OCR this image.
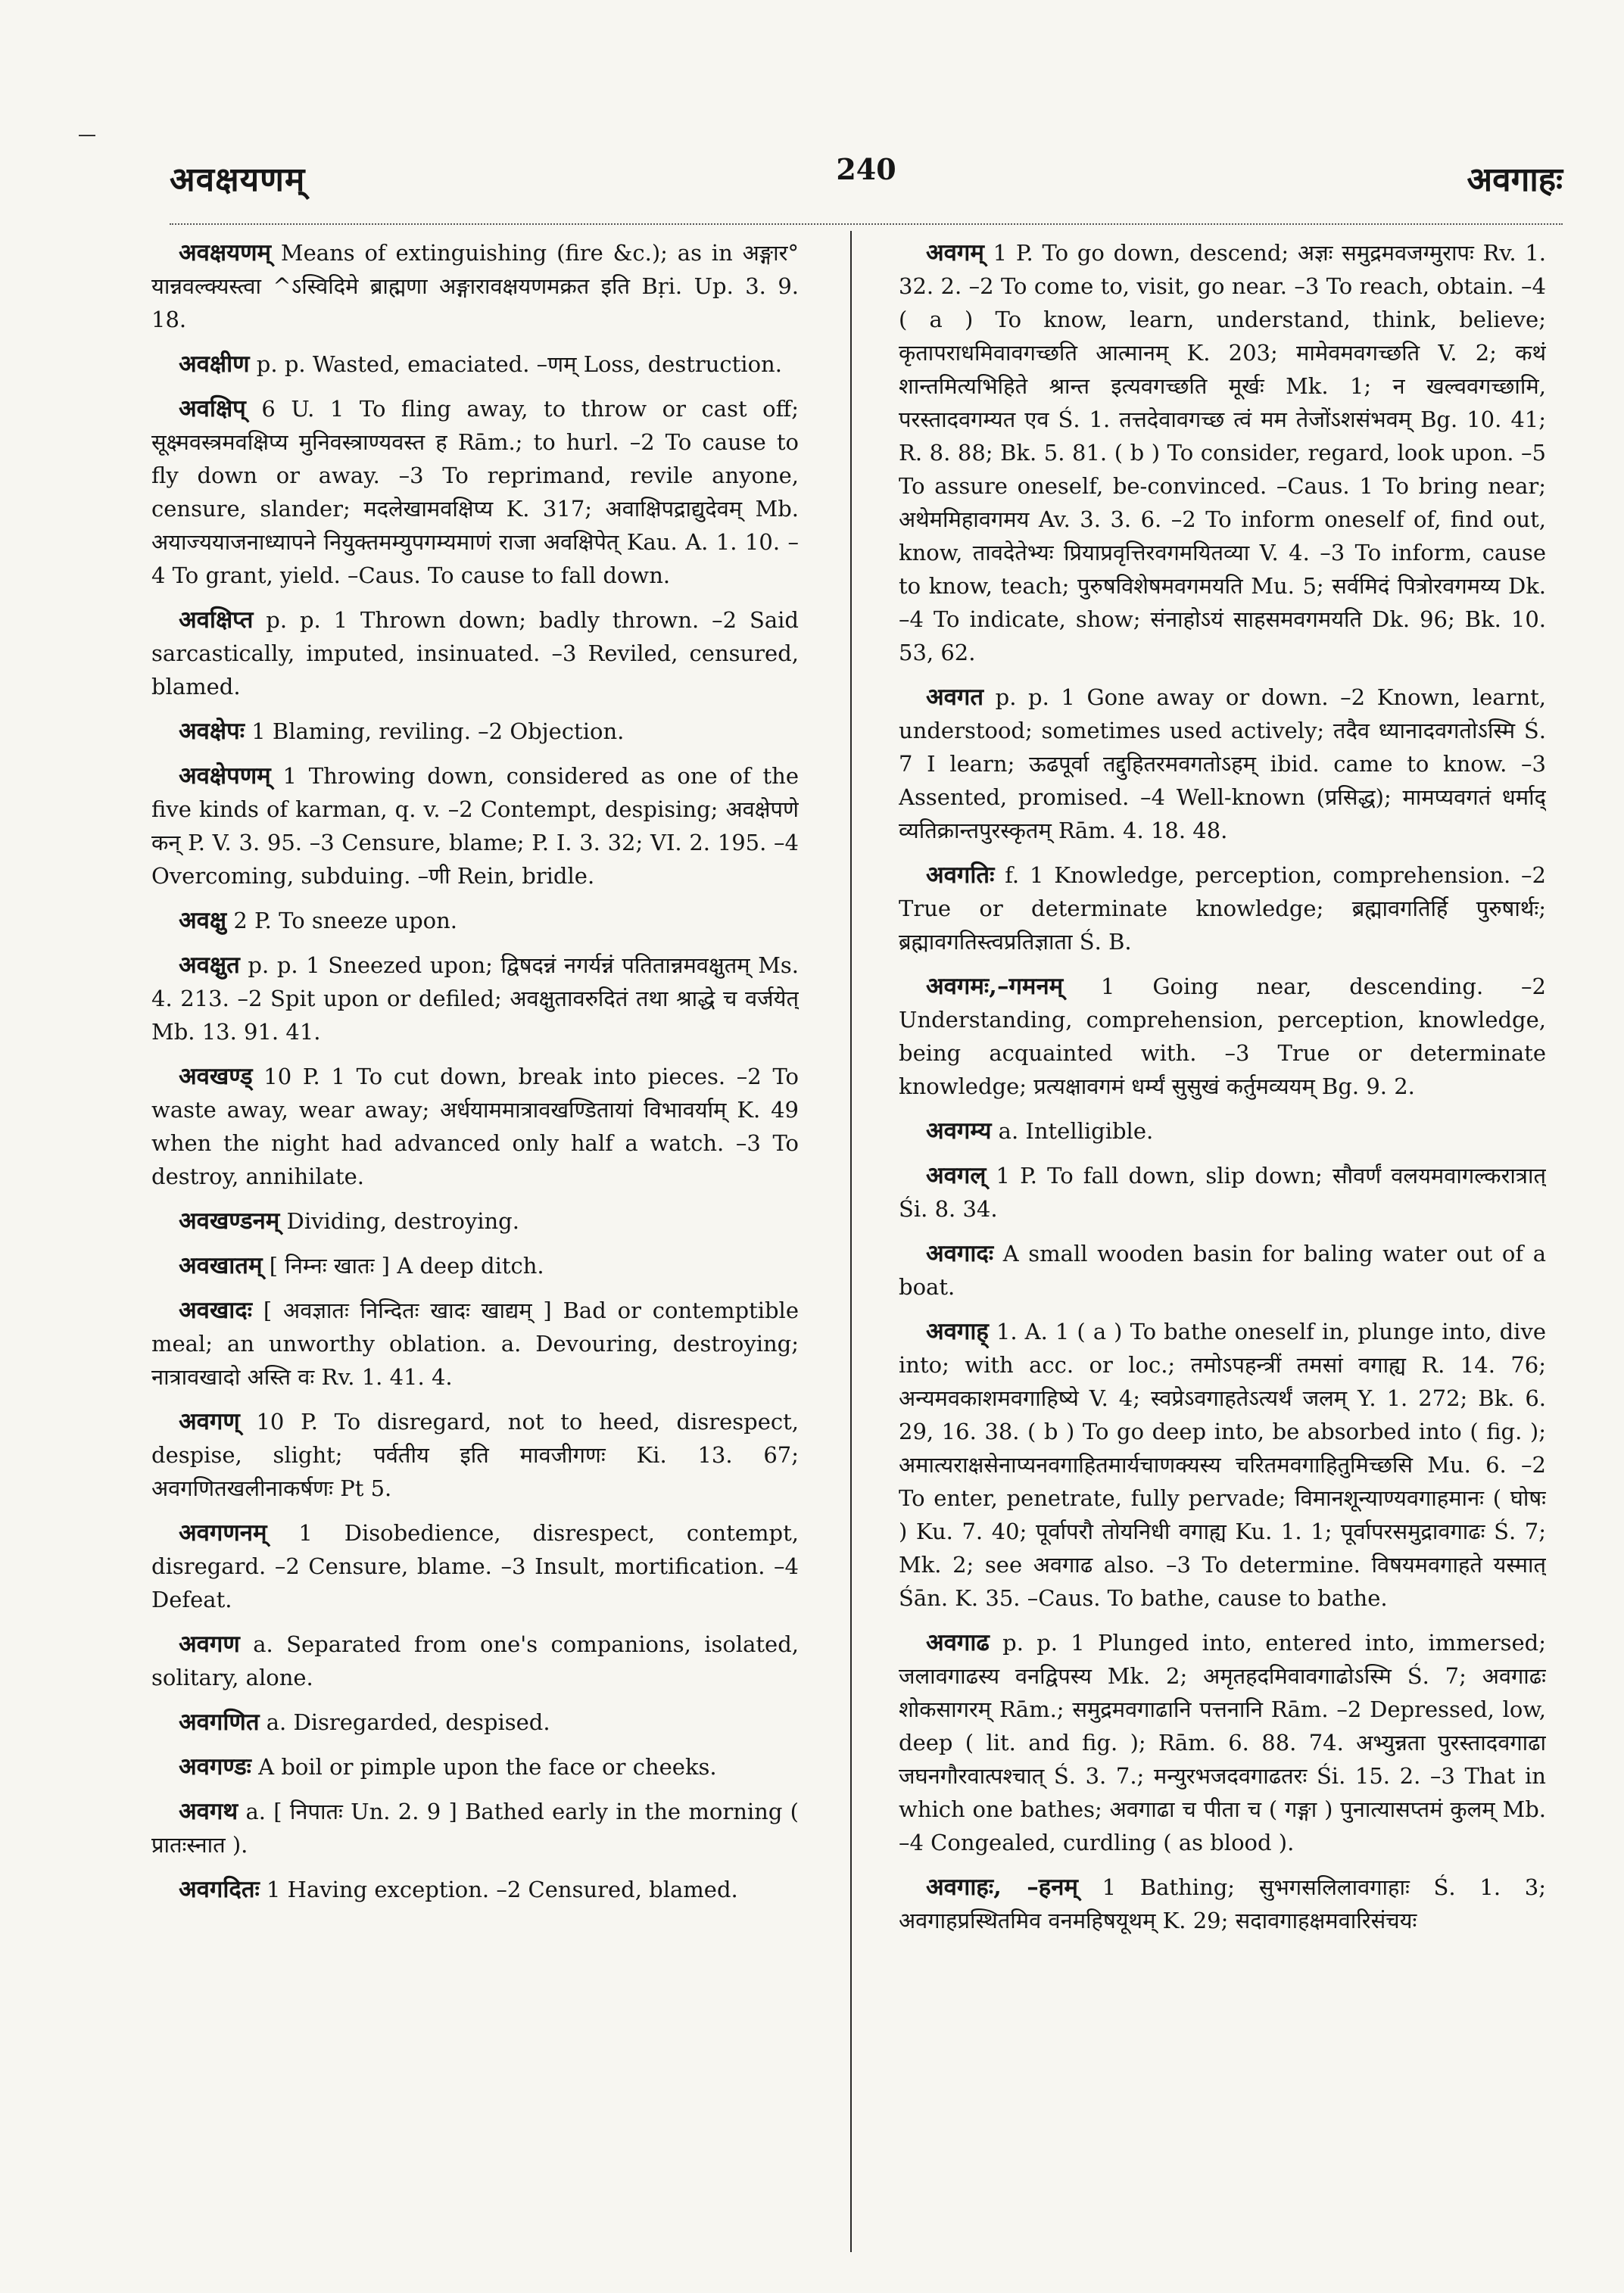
अवक्षयणम्	240	अवगाहः

अवक्षयणम् Means of extinguishing (fire &c.); as in अङ्गार° यान्नवल्क्यस्त्वा ^ऽस्विदिमे ब्राह्मणा अङ्गारावक्षयणमक्रत इति Bṛi. Up. 3. 9. 18.

अवक्षीण p. p. Wasted, emaciated. –णम् Loss, destruction.

अवक्षिप् 6 U. 1 To fling away, to throw or cast off; सूक्ष्मवस्त्रमवक्षिप्य मुनिवस्त्राण्यवस्त ह Rām.; to hurl. –2 To cause to fly down or away. –3 To reprimand, revile anyone, censure, slander; मदलेखामवक्षिप्य K. 317; अवाक्षिपद्राद्युदेवम् Mb. अयाज्ययाजनाध्यापने नियुक्तमम्युपगम्यमाणं राजा अवक्षिपेत् Kau. A. 1. 10. –4 To grant, yield. –Caus. To cause to fall down.

अवक्षिप्त p. p. 1 Thrown down; badly thrown. –2 Said sarcastically, imputed, insinuated. –3 Reviled, censured, blamed.

अवक्षेपः 1 Blaming, reviling. –2 Objection.

अवक्षेपणम् 1 Throwing down, considered as one of the five kinds of karman, q. v. –2 Contempt, despising; अवक्षेपणे कन् P. V. 3. 95. –3 Censure, blame; P. I. 3. 32; VI. 2. 195. –4 Overcoming, subduing. –णी Rein, bridle.

अवक्षु 2 P. To sneeze upon.

अवक्षुत p. p. 1 Sneezed upon; द्विषदन्नं नगर्यन्नं पतितान्नमवक्षुतम् Ms. 4. 213. –2 Spit upon or defiled; अवक्षुतावरुदितं तथा श्राद्धे च वर्जयेत् Mb. 13. 91. 41.

अवखण्ड् 10 P. 1 To cut down, break into pieces. –2 To waste away, wear away; अर्धयाममात्रावखण्डितायां विभावर्याम् K. 49 when the night had advanced only half a watch. –3 To destroy, annihilate.

अवखण्डनम् Dividing, destroying.

अवखातम् [ निम्नः खातः ] A deep ditch.

अवखादः [ अवज्ञातः निन्दितः खादः खाद्यम् ] Bad or contemptible meal; an unworthy oblation. a. Devouring, destroying; नात्रावखादो अस्ति वः Rv. 1. 41. 4.

अवगण् 10 P. To disregard, not to heed, disrespect, despise, slight; पर्वतीय इति मावजीगणः Ki. 13. 67; अवगणितखलीनाकर्षणः Pt 5.

अवगणनम् 1 Disobedience, disrespect, contempt, disregard. –2 Censure, blame. –3 Insult, mortification. –4 Defeat.

अवगण a. Separated from one's companions, isolated, solitary, alone.

अवगणित a. Disregarded, despised.

अवगण्डः A boil or pimple upon the face or cheeks.

अवगथ a. [ निपातः Un. 2. 9 ] Bathed early in the morning ( प्रातःस्नात ).

अवगदितः 1 Having exception. –2 Censured, blamed.

अवगम् 1 P. To go down, descend; अज्ञः समुद्रमवजग्मुरापः Rv. 1. 32. 2. –2 To come to, visit, go near. –3 To reach, obtain. –4 ( a ) To know, learn, understand, think, believe; कृतापराधमिवावगच्छति आत्मानम् K. 203; मामेवमवगच्छति V. 2; कथं शान्तमित्यभिहिते श्रान्त इत्यवगच्छति मूर्खः Mk. 1; न खल्ववगच्छामि, परस्तादवगम्यत एव Ś. 1. तत्तदेवावगच्छ त्वं मम तेजोंऽशसंभवम् Bg. 10. 41; R. 8. 88; Bk. 5. 81. ( b ) To consider, regard, look upon. –5 To assure oneself, be-convinced. –Caus. 1 To bring near; अथेममिहावगमय Av. 3. 3. 6. –2 To inform oneself of, find out, know, तावदेतेभ्यः प्रियाप्रवृत्तिरवगमयितव्या V. 4. –3 To inform, cause to know, teach; पुरुषविशेषमवगमयति Mu. 5; सर्वमिदं पित्रोरवगमय्य Dk. –4 To indicate, show; संनाहोऽयं साहसमवगमयति Dk. 96; Bk. 10. 53, 62.

अवगत p. p. 1 Gone away or down. –2 Known, learnt, understood; sometimes used actively; तदैव ध्यानादवगतोऽस्मि Ś. 7 I learn; ऊढपूर्वा तद्दुहितरमवगतोऽहम् ibid. came to know. –3 Assented, promised. –4 Well-known (प्रसिद्ध); मामप्यवगतं धर्माद् व्यतिक्रान्तपुरस्कृतम् Rām. 4. 18. 48.

अवगतिः f. 1 Knowledge, perception, comprehension. –2 True or determinate knowledge; ब्रह्मावगतिर्हि पुरुषार्थः; ब्रह्मावगतिस्त्वप्रतिज्ञाता Ś. B.

अवगमः,–गमनम् 1 Going near, descending. –2 Understanding, comprehension, perception, knowledge, being acquainted with. –3 True or determinate knowledge; प्रत्यक्षावगमं धर्म्यं सुसुखं कर्तुमव्ययम् Bg. 9. 2.

अवगम्य a. Intelligible.

अवगल् 1 P. To fall down, slip down; सौवर्णं वलयमवागल्करात्रात् Śi. 8. 34.

अवगादः A small wooden basin for baling water out of a boat.

अवगाह् 1. A. 1 ( a ) To bathe oneself in, plunge into, dive into; with acc. or loc.; तमोऽपहन्त्रीं तमसां वगाह्य R. 14. 76; अन्यमवकाशमवगाहिष्ये V. 4; स्वप्रेऽवगाहतेऽत्यर्थं जलम् Y. 1. 272; Bk. 6. 29, 16. 38. ( b ) To go deep into, be absorbed into ( fig. ); अमात्यराक्षसेनाप्यनवगाहितमार्यचाणक्यस्य चरितमवगाहितुमिच्छसि Mu. 6. –2 To enter, penetrate, fully pervade; विमानशून्याण्यवगाहमानः ( घोषः ) Ku. 7. 40; पूर्वापरौ तोयनिधी वगाह्य Ku. 1. 1; पूर्वापरसमुद्रावगाढः Ś. 7; Mk. 2; see अवगाढ also. –3 To determine. विषयमवगाहते यस्मात् Śān. K. 35. –Caus. To bathe, cause to bathe.

अवगाढ p. p. 1 Plunged into, entered into, immersed; जलावगाढस्य वनद्विपस्य Mk. 2; अमृतहदमिवावगाढोऽस्मि Ś. 7; अवगाढः शोकसागरम् Rām.; समुद्रमवगाढानि पत्तनानि Rām. –2 Depressed, low, deep ( lit. and fig. ); Rām. 6. 88. 74. अभ्युन्नता पुरस्तादवगाढा जघनगौरवात्पश्चात् Ś. 3. 7.; मन्युरभजदवगाढतरः Śi. 15. 2. –3 That in which one bathes; अवगाढा च पीता च ( गङ्गा ) पुनात्यासप्तमं कुलम् Mb. –4 Congealed, curdling ( as blood ).

अवगाहः, –हनम् 1 Bathing; सुभगसलिलावगाहाः Ś. 1. 3; अवगाहप्रस्थितमिव वनमहिषयूथम् K. 29; सदावगाहक्षमवारिसंचयः
